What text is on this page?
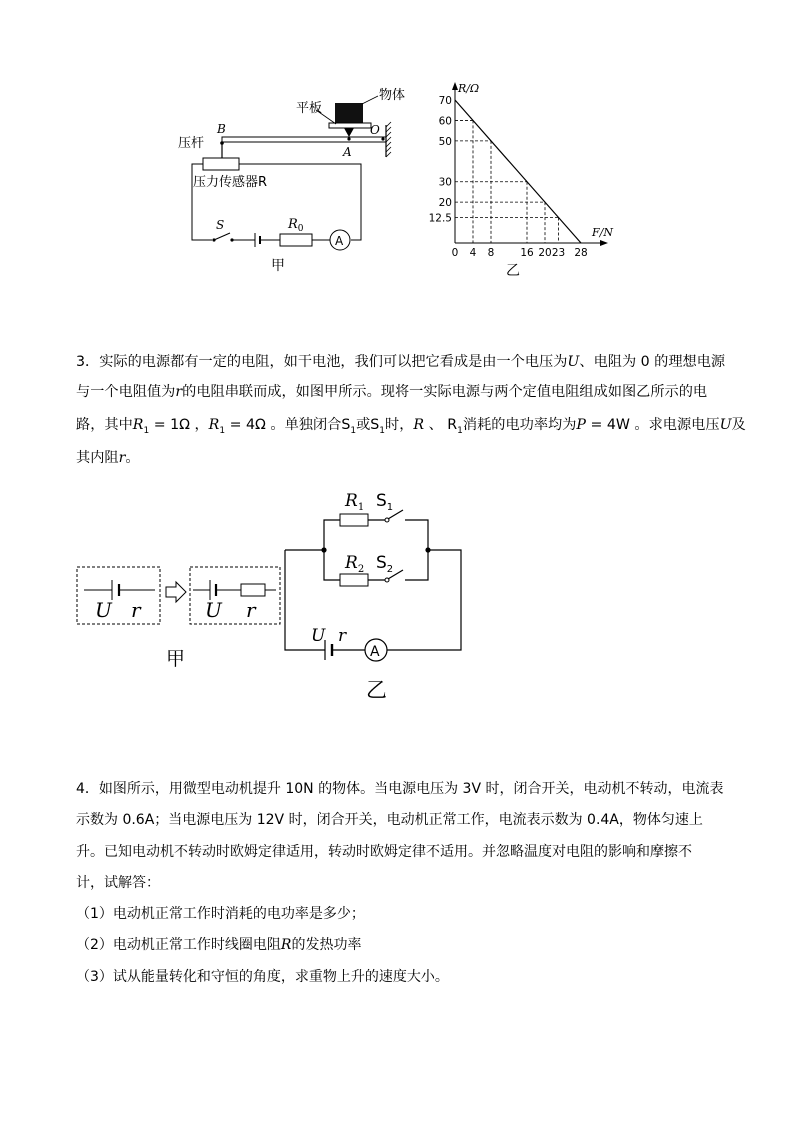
平板
物体
压杆
B
A
O
压力传感器R
S	$R_0$
A
甲
0 4 8 16 20 23 28
70
60
50
30
20
12.5
R/Ω
F/N
乙
3．实际的电源都有一定的电阻，如干电池，我们可以把它看成是由一个电压为U、电阻为 0 的理想电源
与一个电阻值为r的电阻串联而成，如图甲所示。现将一实际电源与两个定值电阻组成如图乙所示的电
路，其中$R_1 = 1\Omega$ ，$R_1 = 4\Omega$ 。单独闭合$S_1$或$S_1$时，R 、 $R_1$消耗的电功率均为P = 4W 。求电源电压U及
其内阻r。
U r	U r
甲
$R_1$ $S_1$
$R_2$ $S_2$
U r
A
乙
4．如图所示，用微型电动机提升 10N 的物体。当电源电压为 3V 时，闭合开关，电动机不转动，电流表
示数为 0.6A；当电源电压为 12V 时，闭合开关，电动机正常工作，电流表示数为 0.4A，物体匀速上
升。已知电动机不转动时欧姆定律适用，转动时欧姆定律不适用。并忽略温度对电阻的影响和摩擦不
计，试解答：
（1）电动机正常工作时消耗的电功率是多少；
（2）电动机正常工作时线圈电阻R的发热功率
（3）试从能量转化和守恒的角度，求重物上升的速度大小。
